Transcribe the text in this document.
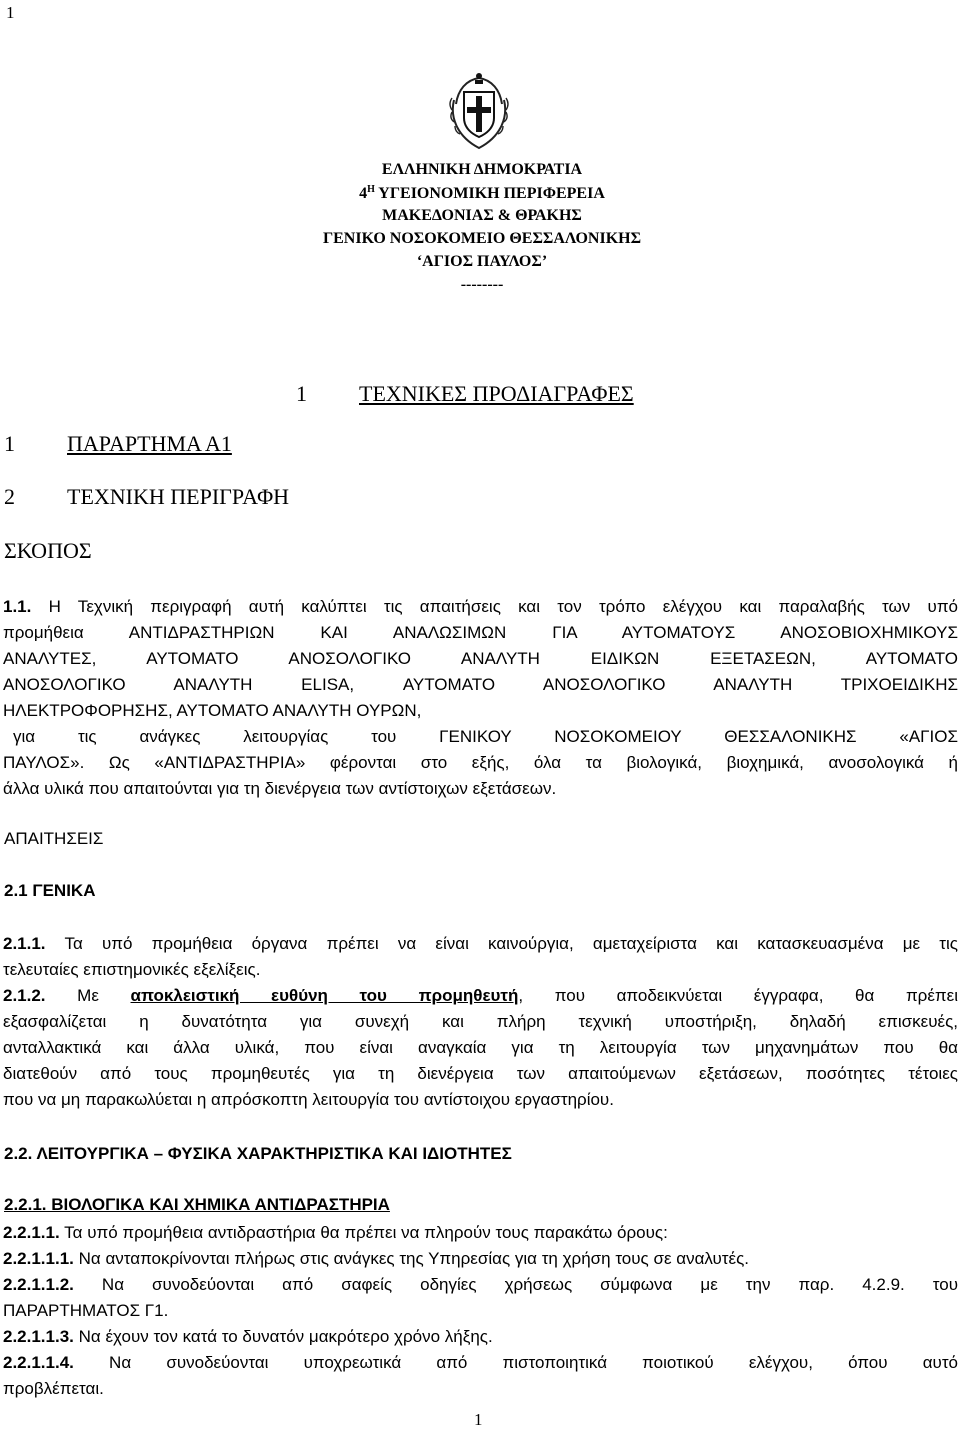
1
ΕΛΛΗΝΙΚΗ ΔΗΜΟΚΡΑΤΙΑ
$4^H$ ΥΓΕΙΟΝΟΜΙΚΗ ΠΕΡΙΦΕΡΕΙΑ
ΜΑΚΕΔΟΝΙΑΣ & ΘΡΑΚΗΣ
ΓΕΝΙΚΟ ΝΟΣΟΚΟΜΕΙΟ ΘΕΣΣΑΛΟΝΙΚΗΣ
‘ΑΓΙΟΣ ΠΑΥΛΟΣ’
--------
1 ΤΕΧΝΙΚΕΣ ΠΡΟΔΙΑΓΡΑΦΕΣ
1 ΠΑΡΑΡΤΗΜΑ Α1
2 ΤΕΧΝΙΚΗ ΠΕΡΙΓΡΑΦΗ
ΣΚΟΠΟΣ
1.1. Η Τεχνική περιγραφή αυτή καλύπτει τις απαιτήσεις και τον τρόπο ελέγχου και παραλαβής των υπό
προμήθεια ΑΝΤΙΔΡΑΣΤΗΡΙΩΝ ΚΑΙ ΑΝΑΛΩΣΙΜΩΝ ΓΙΑ ΑΥΤΟΜΑΤΟΥΣ ΑΝΟΣΟΒΙΟΧΗΜΙΚΟΥΣ
ΑΝΑΛΥΤΕΣ, ΑΥΤΟΜΑΤΟ ΑΝΟΣΟΛΟΓΙΚΟ ΑΝΑΛΥΤΗ ΕΙΔΙΚΩΝ ΕΞΕΤΑΣΕΩΝ, ΑΥΤΟΜΑΤΟ
ΑΝΟΣΟΛΟΓΙΚΟ ΑΝΑΛΥΤΗ ELISA, ΑΥΤΟΜΑΤΟ ΑΝΟΣΟΛΟΓΙΚΟ ΑΝΑΛΥΤΗ ΤΡΙΧΟΕΙΔΙΚΗΣ
ΗΛΕΚΤΡΟΦΟΡΗΣΗΣ, ΑΥΤΟΜΑΤΟ ΑΝΑΛΥΤΗ ΟΥΡΩΝ,
για τις ανάγκες λειτουργίας του ΓΕΝΙΚΟΥ ΝΟΣΟΚΟΜΕΙΟΥ ΘΕΣΣΑΛΟΝΙΚΗΣ «ΑΓΙΟΣ
ΠΑΥΛΟΣ». Ως «ΑΝΤΙΔΡΑΣΤΗΡΙΑ» φέρονται στο εξής, όλα τα βιολογικά, βιοχημικά, ανοσολογικά ή
άλλα υλικά που απαιτούνται για τη διενέργεια των αντίστοιχων εξετάσεων.
ΑΠΑΙΤΗΣΕΙΣ
2.1 ΓΕΝΙΚΑ
2.1.1. Τα υπό προμήθεια όργανα πρέπει να είναι καινούργια, αμεταχείριστα και κατασκευασμένα με τις
τελευταίες επιστημονικές εξελίξεις.
2.1.2. Με αποκλειστική ευθύνη του προμηθευτή, που αποδεικνύεται έγγραφα, θα πρέπει
εξασφαλίζεται η δυνατότητα για συνεχή και πλήρη τεχνική υποστήριξη, δηλαδή επισκευές,
ανταλλακτικά και άλλα υλικά, που είναι αναγκαία για τη λειτουργία των μηχανημάτων που θα
διατεθούν από τους προμηθευτές για τη διενέργεια των απαιτούμενων εξετάσεων, ποσότητες τέτοιες
που να μη παρακωλύεται η απρόσκοπτη λειτουργία του αντίστοιχου εργαστηρίου.
2.2. ΛΕΙΤΟΥΡΓΙΚΑ – ΦΥΣΙΚΑ ΧΑΡΑΚΤΗΡΙΣΤΙΚΑ ΚΑΙ ΙΔΙΟΤΗΤΕΣ
2.2.1. ΒΙΟΛΟΓΙΚΑ ΚΑΙ ΧΗΜΙΚΑ ΑΝΤΙΔΡΑΣΤΗΡΙΑ
2.2.1.1. Τα υπό προμήθεια αντιδραστήρια θα πρέπει να πληρούν τους παρακάτω όρους:
2.2.1.1.1. Να ανταποκρίνονται πλήρως στις ανάγκες της Υπηρεσίας για τη χρήση τους σε αναλυτές.
2.2.1.1.2. Να συνοδεύονται από σαφείς οδηγίες χρήσεως σύμφωνα με την παρ. 4.2.9. του
ΠΑΡΑΡΤΗΜΑΤΟΣ Γ1.
2.2.1.1.3. Να έχουν τον κατά το δυνατόν μακρότερο χρόνο λήξης.
2.2.1.1.4. Να συνοδεύονται υποχρεωτικά από πιστοποιητικά ποιοτικού ελέγχου, όπου αυτό
προβλέπεται.
1
